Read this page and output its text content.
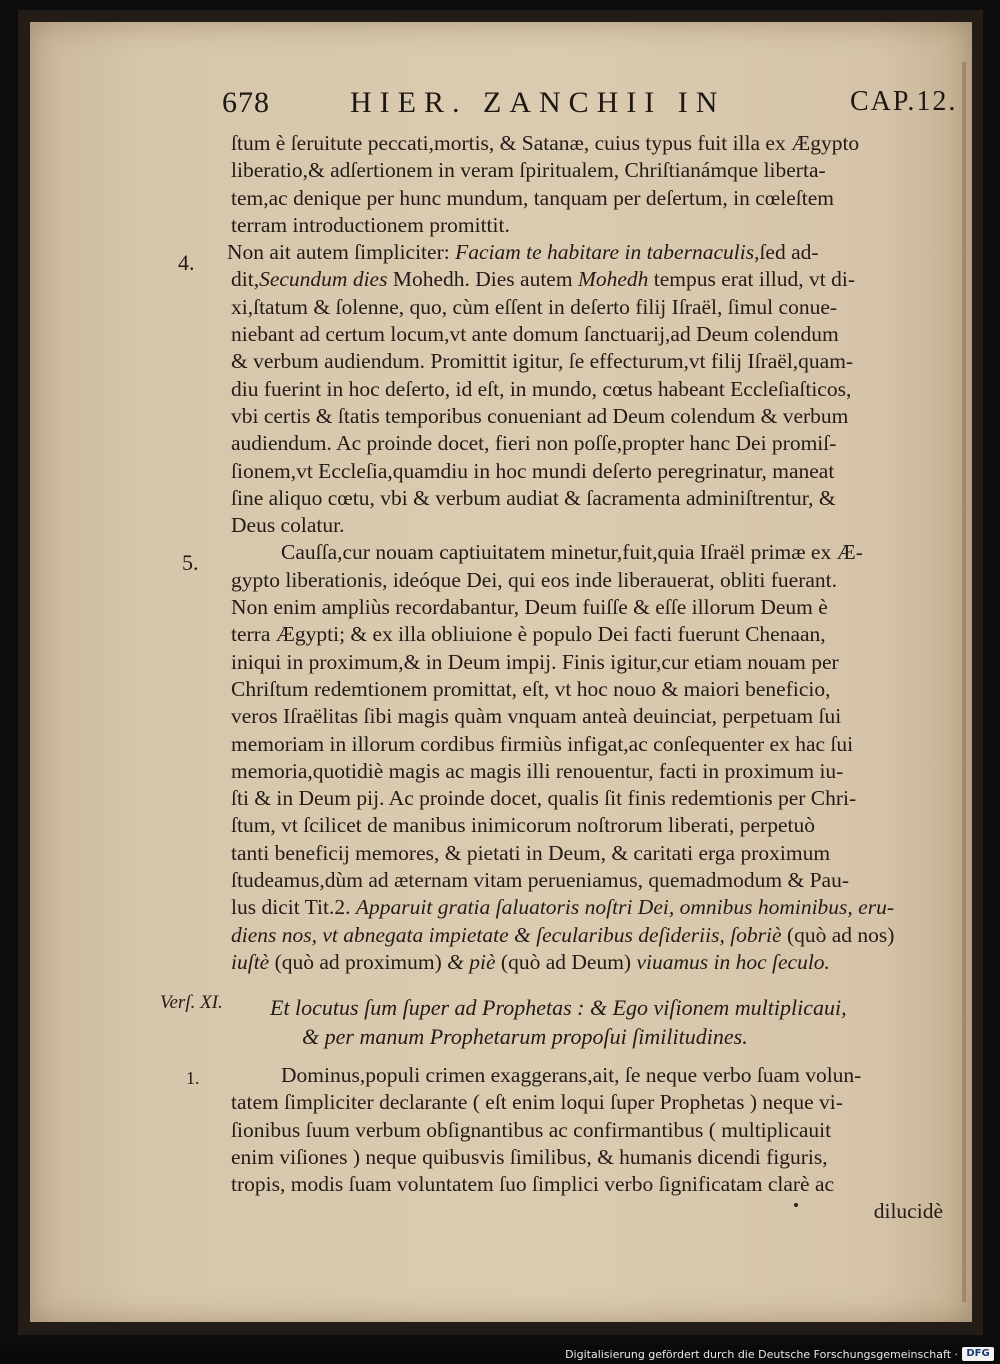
678	HIER. ZANCHII IN	CAP.12.
4.
5.
Verſ. XI.
1.
ſtum è ſeruitute peccati,mortis, & Satanæ, cuius typus fuit illa ex Ægypto
liberatio,& adſertionem in veram ſpiritualem, Chriſtianámque liberta-
tem,ac denique per hunc mundum, tanquam per deſertum, in cœleſtem
terram introductionem promittit.
Non ait autem ſimpliciter: Faciam te habitare in tabernaculis,ſed ad-
dit,Secundum dies Mohedh. Dies autem Mohedh tempus erat illud, vt di-
xi,ſtatum & ſolenne, quo, cùm eſſent in deſerto filij Iſraël, ſimul conue-
niebant ad certum locum,vt ante domum ſanctuarij,ad Deum colendum
& verbum audiendum. Promittit igitur, ſe effecturum,vt filij Iſraël,quam-
diu fuerint in hoc deſerto, id eſt, in mundo, cœtus habeant Eccleſiaſticos,
vbi certis & ſtatis temporibus conueniant ad Deum colendum & verbum
audiendum. Ac proinde docet, fieri non poſſe,propter hanc Dei promiſ-
ſionem,vt Eccleſia,quamdiu in hoc mundi deſerto peregrinatur, maneat
ſine aliquo cœtu, vbi & verbum audiat & ſacramenta adminiſtrentur, &
Deus colatur.
Cauſſa,cur nouam captiuitatem minetur,fuit,quia Iſraël primæ ex Æ-
gypto liberationis, ideóque Dei, qui eos inde liberauerat, obliti fuerant.
Non enim ampliùs recordabantur, Deum fuiſſe & eſſe illorum Deum è
terra Ægypti; & ex illa obliuione è populo Dei facti fuerunt Chenaan,
iniqui in proximum,& in Deum impij. Finis igitur,cur etiam nouam per
Chriſtum redemtionem promittat, eſt, vt hoc nouo & maiori beneficio,
veros Iſraëlitas ſibi magis quàm vnquam anteà deuinciat, perpetuam ſui
memoriam in illorum cordibus firmiùs infigat,ac conſequenter ex hac ſui
memoria,quotidiè magis ac magis illi renouentur, facti in proximum iu-
ſti & in Deum pij. Ac proinde docet, qualis ſit finis redemtionis per Chri-
ſtum, vt ſcilicet de manibus inimicorum noſtrorum liberati, perpetuò
tanti beneficij memores, & pietati in Deum, & caritati erga proximum
ſtudeamus,dùm ad æternam vitam perueniamus, quemadmodum & Pau-
lus dicit Tit.2. Apparuit gratia ſaluatoris noſtri Dei, omnibus hominibus, eru-
diens nos, vt abnegata impietate & ſecularibus deſideriis, ſobriè (quò ad nos)
iuſtè (quò ad proximum) & piè (quò ad Deum) viuamus in hoc ſeculo.
Et locutus ſum ſuper ad Prophetas : & Ego viſionem multiplicaui,
& per manum Prophetarum propoſui ſimilitudines.
Dominus,populi crimen exaggerans,ait, ſe neque verbo ſuam volun-
tatem ſimpliciter declarante ( eſt enim loqui ſuper Prophetas ) neque vi-
ſionibus ſuum verbum obſignantibus ac confirmantibus ( multiplicauit
enim viſiones ) neque quibusvis ſimilibus, & humanis dicendi figuris,
tropis, modis ſuam voluntatem ſuo ſimplici verbo ſignificatam clarè ac
dilucidè
Digitalisierung gefördert durch die Deutsche Forschungsgemeinschaft · DFG
